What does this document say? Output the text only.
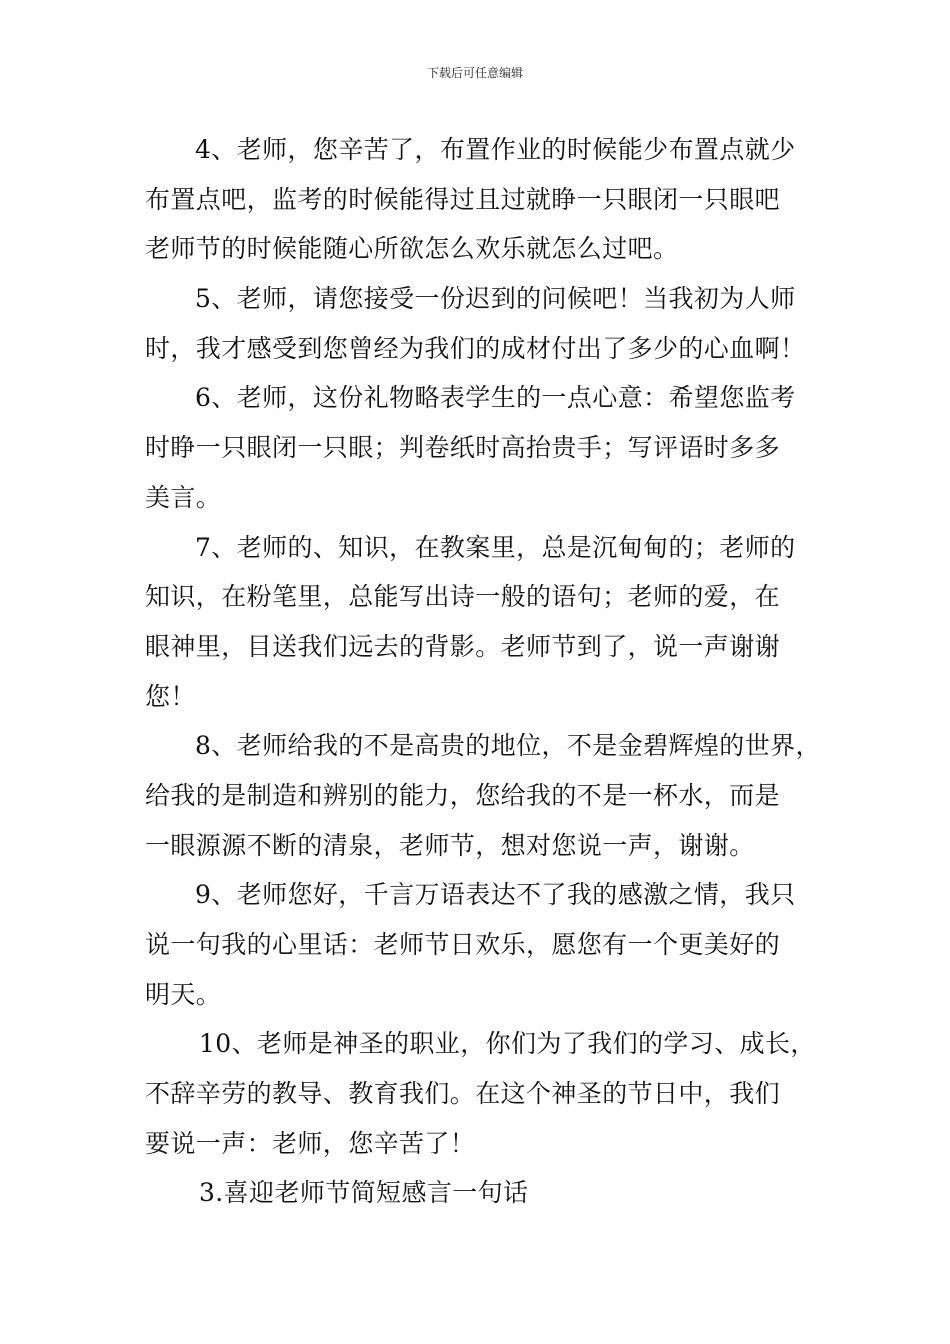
下载后可任意编辑
4、老师，您辛苦了，布置作业的时候能少布置点就少
布置点吧，监考的时候能得过且过就睁一只眼闭一只眼吧
老师节的时候能随心所欲怎么欢乐就怎么过吧。
5、老师，请您接受一份迟到的问候吧！当我初为人师
时，我才感受到您曾经为我们的成材付出了多少的心血啊！
6、老师，这份礼物略表学生的一点心意：希望您监考
时睁一只眼闭一只眼；判卷纸时高抬贵手；写评语时多多
美言。
7、老师的、知识，在教案里，总是沉甸甸的；老师的
知识，在粉笔里，总能写出诗一般的语句；老师的爱，在
眼神里，目送我们远去的背影。老师节到了，说一声谢谢
您！
8、老师给我的不是高贵的地位，不是金碧辉煌的世界，
给我的是制造和辨别的能力，您给我的不是一杯水，而是
一眼源源不断的清泉，老师节，想对您说一声，谢谢。
9、老师您好，千言万语表达不了我的感激之情，我只
说一句我的心里话：老师节日欢乐，愿您有一个更美好的
明天。
10、老师是神圣的职业，你们为了我们的学习、成长，
不辞辛劳的教导、教育我们。在这个神圣的节日中，我们
要说一声：老师，您辛苦了！
3.喜迎老师节简短感言一句话
